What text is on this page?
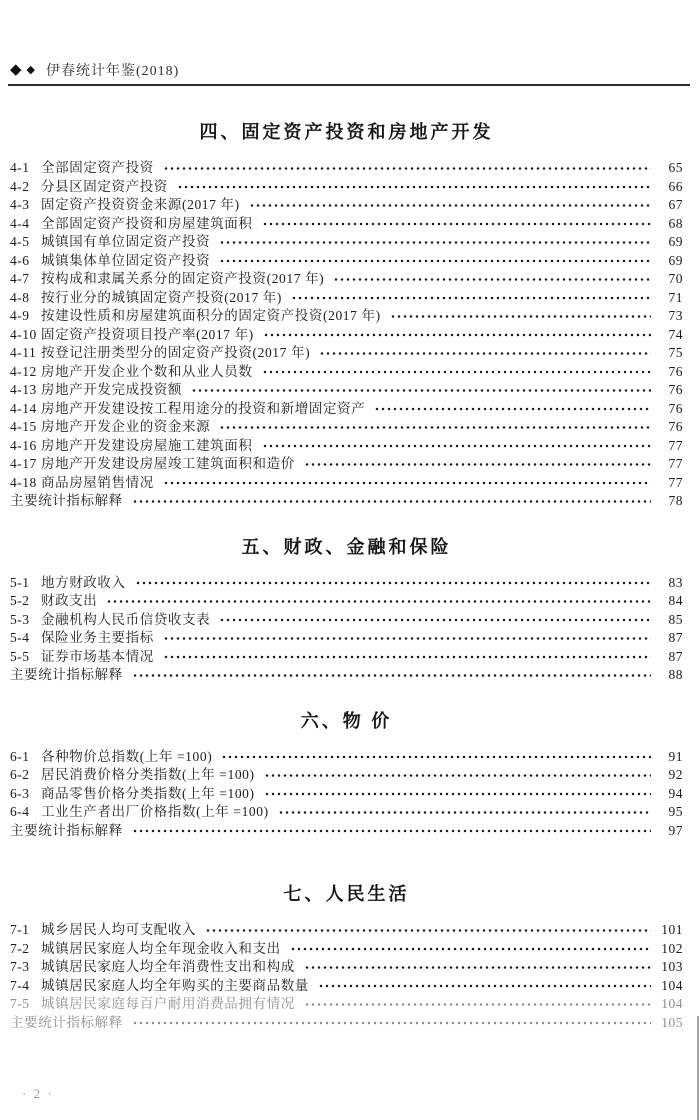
◆ ◆ 伊春统计年鉴(2018)
四、固定资产投资和房地产开发
4-1 全部固定资产投资	65
4-2 分县区固定资产投资	66
4-3 固定资产投资资金来源(2017 年)	67
4-4 全部固定资产投资和房屋建筑面积	68
4-5 城镇国有单位固定资产投资	69
4-6 城镇集体单位固定资产投资	69
4-7 按构成和隶属关系分的固定资产投资(2017 年)	70
4-8 按行业分的城镇固定资产投资(2017 年)	71
4-9 按建设性质和房屋建筑面积分的固定资产投资(2017 年)	73
4-10 固定资产投资项目投产率(2017 年)	74
4-11 按登记注册类型分的固定资产投资(2017 年)	75
4-12 房地产开发企业个数和从业人员数	76
4-13 房地产开发完成投资额	76
4-14 房地产开发建设按工程用途分的投资和新增固定资产	76
4-15 房地产开发企业的资金来源	76
4-16 房地产开发建设房屋施工建筑面积	77
4-17 房地产开发建设房屋竣工建筑面积和造价	77
4-18 商品房屋销售情况	77
主要统计指标解释	78
五、财政、金融和保险
5-1 地方财政收入	83
5-2 财政支出	84
5-3 金融机构人民币信贷收支表	85
5-4 保险业务主要指标	87
5-5 证券市场基本情况	87
主要统计指标解释	88
六、物 价
6-1 各种物价总指数(上年 =100)	91
6-2 居民消费价格分类指数(上年 =100)	92
6-3 商品零售价格分类指数(上年 =100)	94
6-4 工业生产者出厂价格指数(上年 =100)	95
主要统计指标解释	97
七、人民生活
7-1 城乡居民人均可支配收入	101
7-2 城镇居民家庭人均全年现金收入和支出	102
7-3 城镇居民家庭人均全年消费性支出和构成	103
7-4 城镇居民家庭人均全年购买的主要商品数量	104
7-5 城镇居民家庭每百户耐用消费品拥有情况	104
主要统计指标解释	105
· 2 ·
